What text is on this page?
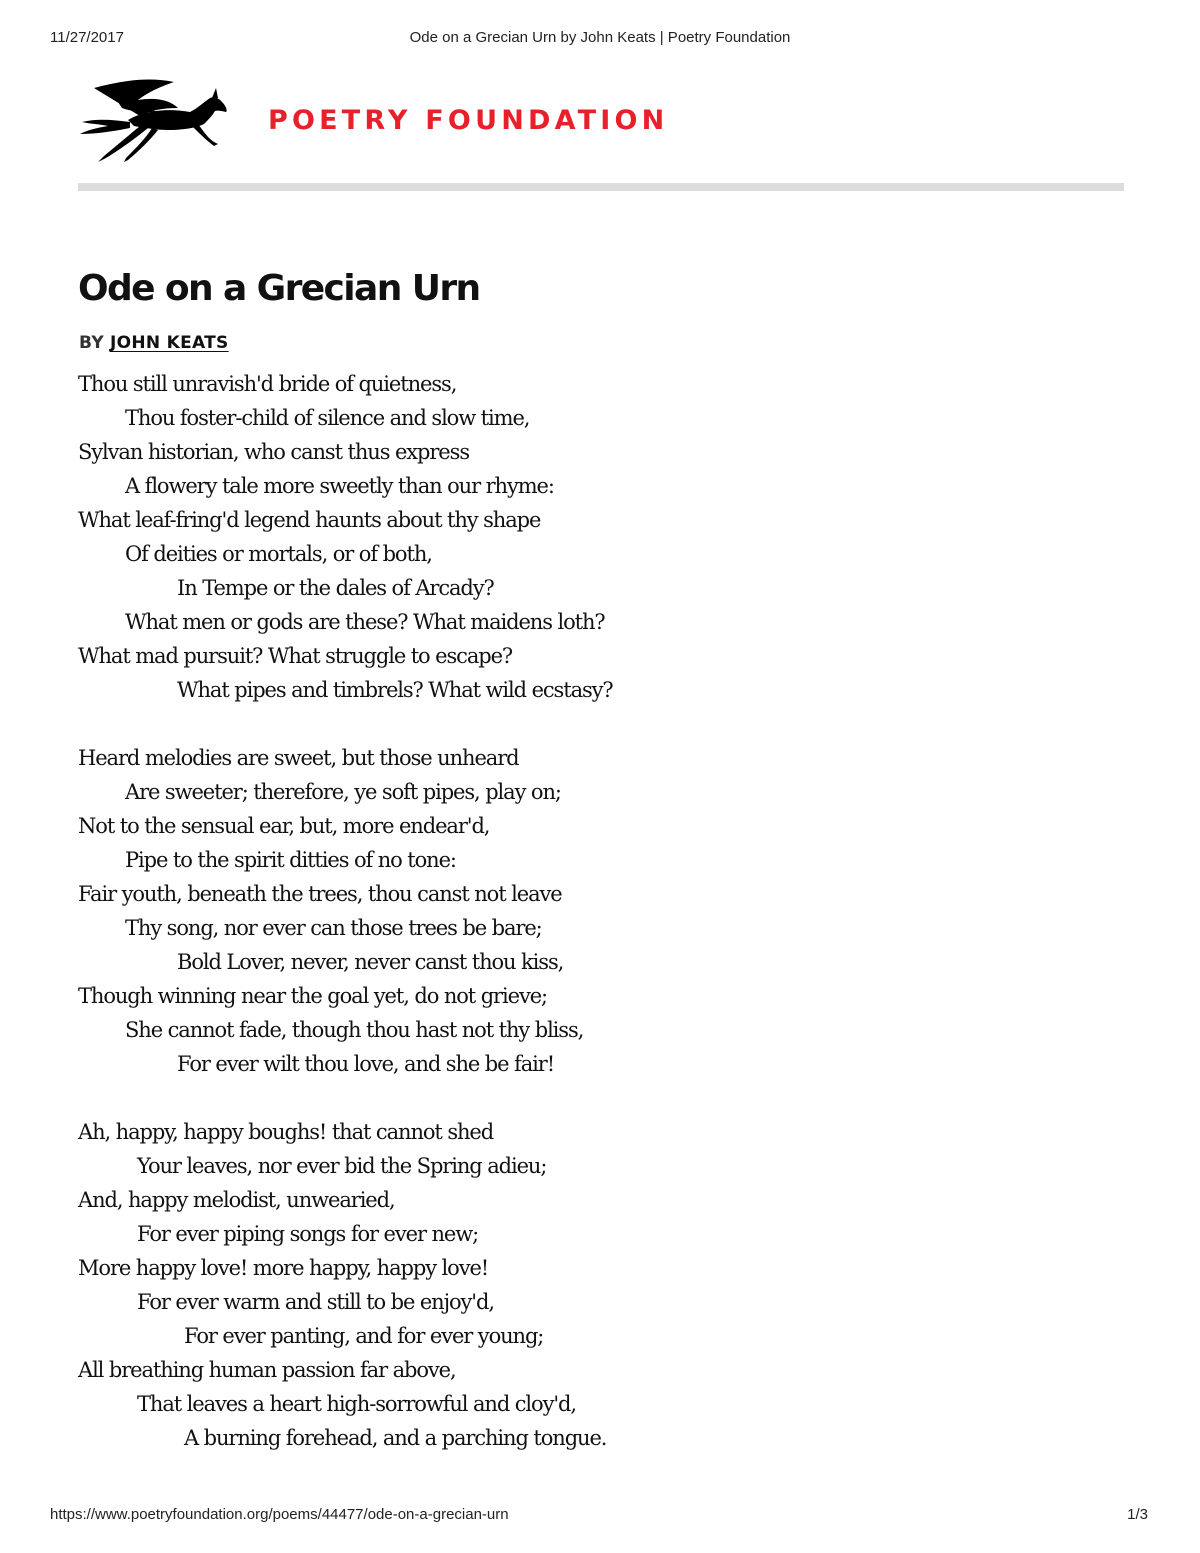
11/27/2017	Ode on a Grecian Urn by John Keats | Poetry Foundation
POETRY FOUNDATION
Ode on a Grecian Urn
BY JOHN KEATS
Thou still unravish'd bride of quietness,
Thou foster-child of silence and slow time,
Sylvan historian, who canst thus express
A flowery tale more sweetly than our rhyme:
What leaf-fring'd legend haunts about thy shape
Of deities or mortals, or of both,
In Tempe or the dales of Arcady?
What men or gods are these? What maidens loth?
What mad pursuit? What struggle to escape?
What pipes and timbrels? What wild ecstasy?
Heard melodies are sweet, but those unheard
Are sweeter; therefore, ye soft pipes, play on;
Not to the sensual ear, but, more endear'd,
Pipe to the spirit ditties of no tone:
Fair youth, beneath the trees, thou canst not leave
Thy song, nor ever can those trees be bare;
Bold Lover, never, never canst thou kiss,
Though winning near the goal yet, do not grieve;
She cannot fade, though thou hast not thy bliss,
For ever wilt thou love, and she be fair!
Ah, happy, happy boughs! that cannot shed
Your leaves, nor ever bid the Spring adieu;
And, happy melodist, unwearied,
For ever piping songs for ever new;
More happy love! more happy, happy love!
For ever warm and still to be enjoy'd,
For ever panting, and for ever young;
All breathing human passion far above,
That leaves a heart high-sorrowful and cloy'd,
A burning forehead, and a parching tongue.
https://www.poetryfoundation.org/poems/44477/ode-on-a-grecian-urn	1/3
